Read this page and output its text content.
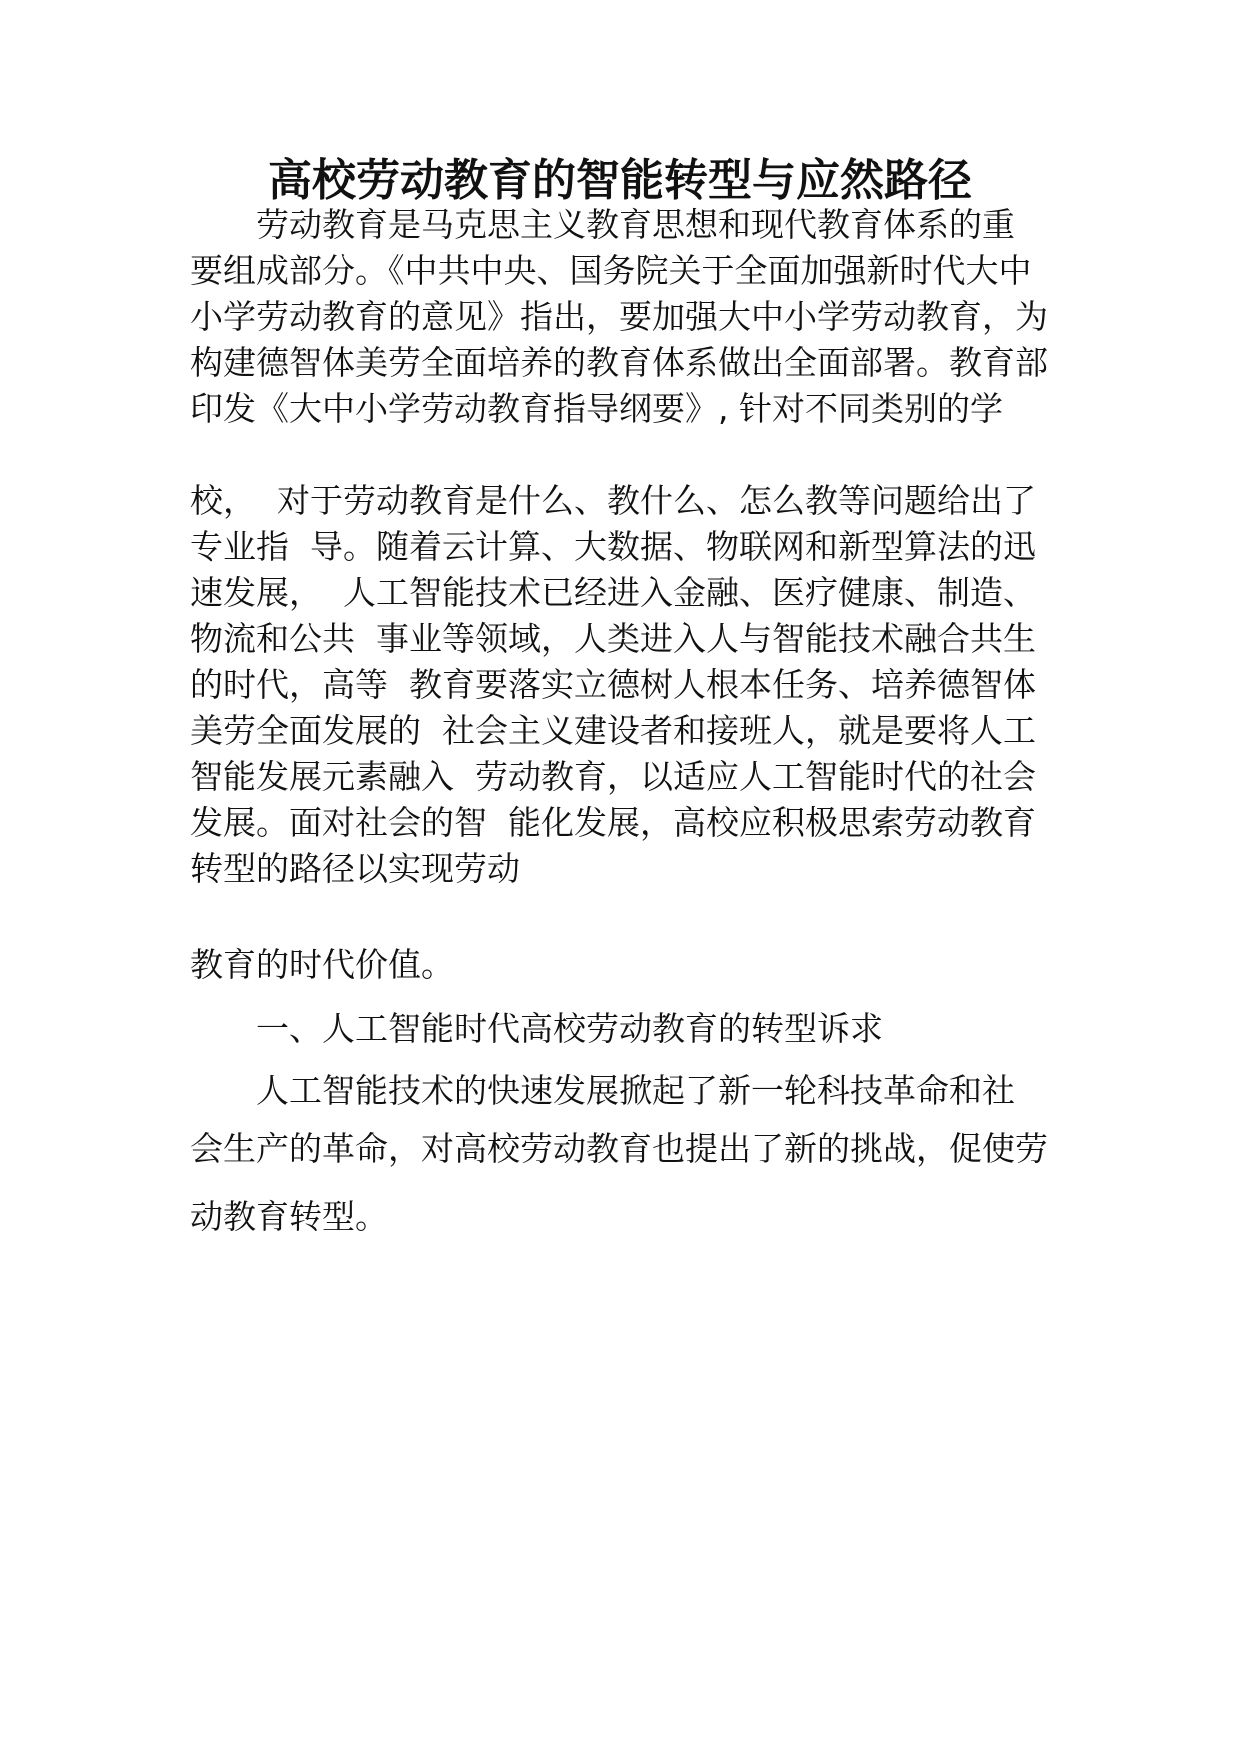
高校劳动教育的智能转型与应然路径

劳动教育是马克思主义教育思想和现代教育体系的重

要组成部分。《中共中央、国务院关于全面加强新时代大中

小学劳动教育的意见》指出，要加强大中小学劳动教育，为

构建德智体美劳全面培养的教育体系做出全面部署。教育部

印发《大中小学劳动教育指导纲要》, 针对不同类别的学

校，  对于劳动教育是什么、教什么、怎么教等问题给出了

专业指  导。随着云计算、大数据、物联网和新型算法的迅

速发展，  人工智能技术已经进入金融、医疗健康、制造、

物流和公共  事业等领域，人类进入人与智能技术融合共生

的时代，高等  教育要落实立德树人根本任务、培养德智体

美劳全面发展的  社会主义建设者和接班人，就是要将人工

智能发展元素融入  劳动教育，以适应人工智能时代的社会

发展。面对社会的智  能化发展，高校应积极思索劳动教育

转型的路径以实现劳动

教育的时代价值。

一、人工智能时代高校劳动教育的转型诉求

人工智能技术的快速发展掀起了新一轮科技革命和社

会生产的革命，对高校劳动教育也提出了新的挑战，促使劳

动教育转型。
